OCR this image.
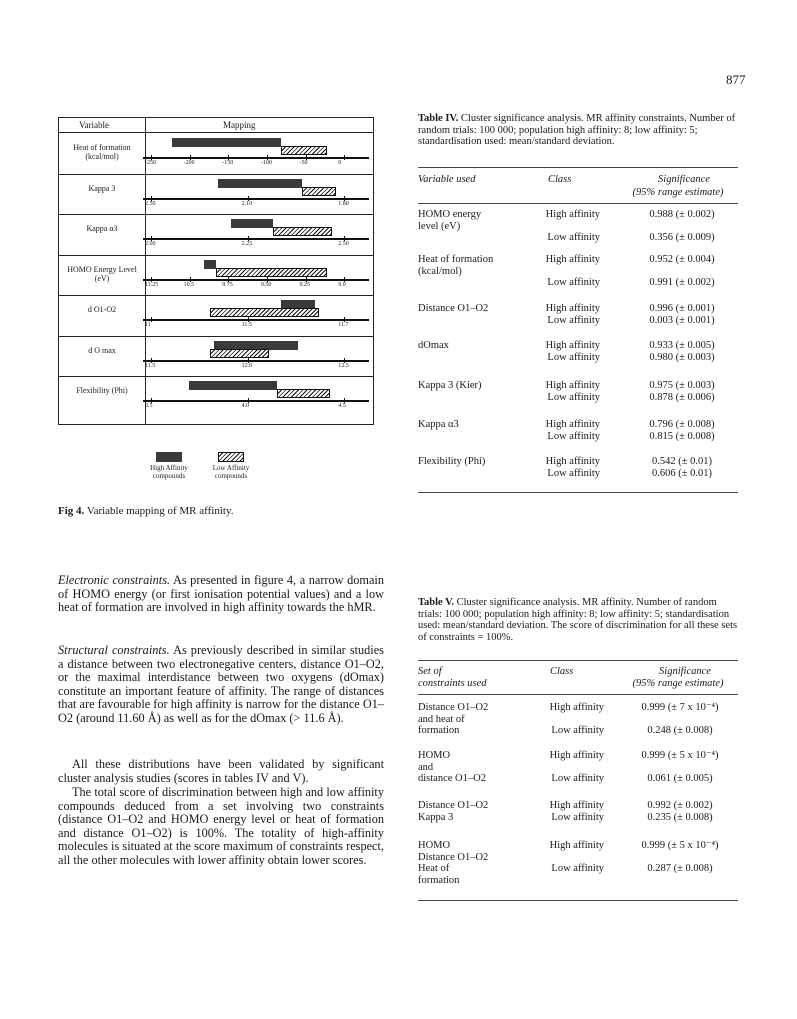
877
Variable	Mapping
Heat of formation (kcal/mol)
-250	-200	-150	-100	-50	0
Kappa 3
2.50	2.10	1.80
Kappa α3
2.00	2.25	2.50
HOMO Energy Level (eV)
11.25	10.5	9.75	9.50	9.25	9.0
d O1-O2
11	11.5	11.7
d O max
11.5	12.0	12.5
Flexibility (Phi)
3.5	4.0	4.5
High Affinity compounds
Low Affinity compounds
Fig 4. Variable mapping of MR affinity.
Table IV. Cluster significance analysis. MR affinity constraints. Number of random trials: 100 000; population high affinity: 8; low affinity: 5; standardisation used: mean/standard deviation.
Variable used	Class	Significance
(95% range estimate)
HOMO energy level (eV)
High affinity	0.988 (± 0.002)
Low affinity	0.356 (± 0.009)
Heat of formation (kcal/mol)
High affinity	0.952 (± 0.004)
Low affinity	0.991 (± 0.002)
Distance O1–O2	High affinity	0.996 (± 0.001)
Low affinity	0.003 (± 0.001)
dOmax	High affinity	0.933 (± 0.005)
Low affinity	0.980 (± 0.003)
Kappa 3 (Kier)	High affinity	0.975 (± 0.003)
Low affinity	0.878 (± 0.006)
Kappa α3	High affinity	0.796 (± 0.008)
Low affinity	0.815 (± 0.008)
Flexibility (Phi)	High affinity	0.542 (± 0.01)
Low affinity	0.606 (± 0.01)
Table V. Cluster significance analysis. MR affinity. Number of random trials: 100 000; population high affinity: 8; low affinity: 5; standardisation used: mean/standard deviation. The score of discrimination for all these sets of constraints = 100%.
Set of
constraints used
Class	Significance
(95% range estimate)
Distance O1–O2
and heat of
formation
High affinity	0.999 (± 7 x 10⁻⁴)
Low affinity	0.248 (± 0.008)
HOMO
and
distance O1–O2
High affinity	0.999 (± 5 x 10⁻⁴)
Low affinity	0.061 (± 0.005)
Distance O1–O2
Kappa 3
High affinity	0.992 (± 0.002)
Low affinity	0.235 (± 0.008)
HOMO
Distance O1–O2
Heat of
formation
High affinity	0.999 (± 5 x 10⁻⁴)
Low affinity	0.287 (± 0.008)
Electronic constraints. As presented in figure 4, a narrow domain of HOMO energy (or first ionisation potential values) and a low heat of formation are involved in high affinity towards the hMR.
Structural constraints. As previously described in similar studies a distance between two electronegative centers, distance O1–O2, or the maximal interdistance between two oxygens (dOmax) constitute an important feature of affinity. The range of distances that are favourable for high affinity is narrow for the distance O1–O2 (around 11.60 Å) as well as for the dOmax (> 11.6 Å).
All these distributions have been validated by significant cluster analysis studies (scores in tables IV and V).
The total score of discrimination between high and low affinity compounds deduced from a set involving two constraints (distance O1–O2 and HOMO energy level or heat of formation and distance O1–O2) is 100%. The totality of high-affinity molecules is situated at the score maximum of constraints respect, all the other molecules with lower affinity obtain lower scores.
